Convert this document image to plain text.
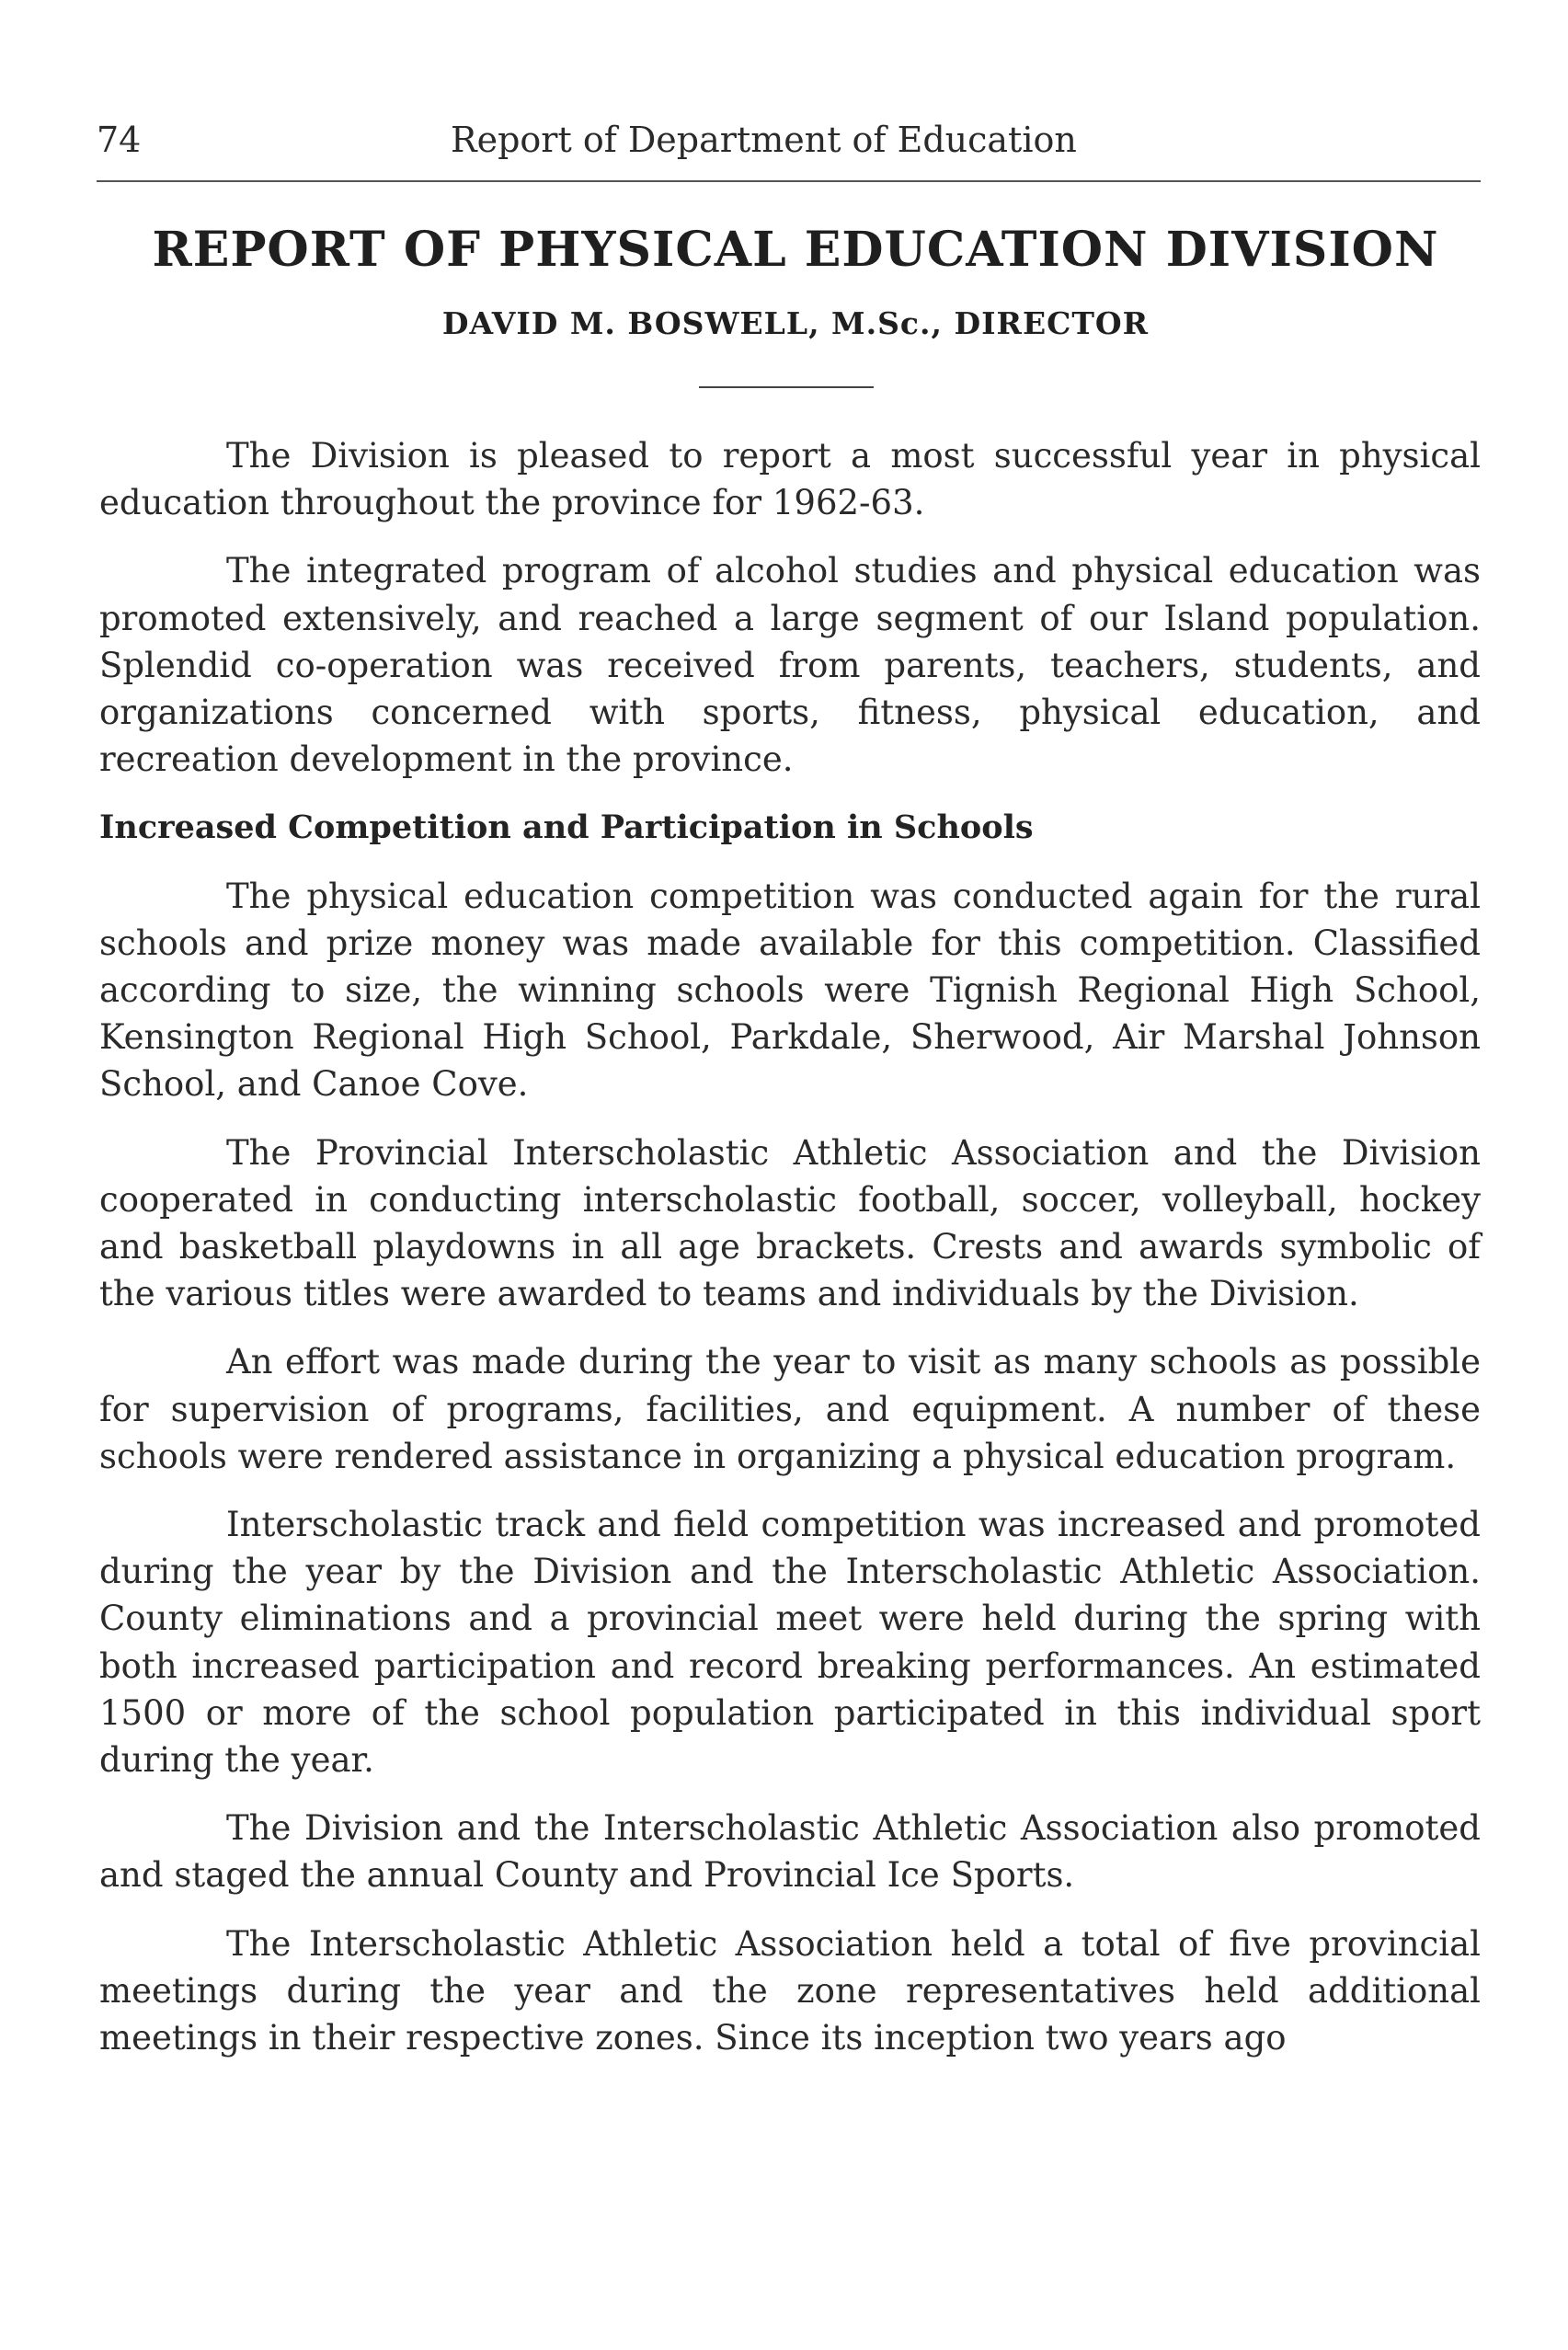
74	Report of Department of Education
REPORT OF PHYSICAL EDUCATION DIVISION
DAVID M. BOSWELL, M.Sc., DIRECTOR

The Division is pleased to report a most successful year in physical education throughout the province for 1962-63.

The integrated program of alcohol studies and physical education was promoted extensively, and reached a large segment of our Island population. Splendid co-operation was received from parents, teachers, students, and organizations concerned with sports, fitness, physical education, and recreation development in the province.

Increased Competition and Participation in Schools

The physical education competition was conducted again for the rural schools and prize money was made available for this competition. Classified according to size, the winning schools were Tignish Regional High School, Kensington Regional High School, Parkdale, Sherwood, Air Marshal Johnson School, and Canoe Cove.

The Provincial Interscholastic Athletic Association and the Division cooperated in conducting interscholastic football, soccer, volleyball, hockey and basketball playdowns in all age brackets. Crests and awards symbolic of the various titles were awarded to teams and individuals by the Division.

An effort was made during the year to visit as many schools as possible for supervision of programs, facilities, and equipment. A number of these schools were rendered assistance in organizing a physical education program.

Interscholastic track and field competition was increased and promoted during the year by the Division and the Interscholastic Athletic Association. County eliminations and a provincial meet were held during the spring with both increased participation and record breaking performances. An estimated 1500 or more of the school population participated in this individual sport during the year.

The Division and the Interscholastic Athletic Association also promoted and staged the annual County and Provincial Ice Sports.

The Interscholastic Athletic Association held a total of five provincial meetings during the year and the zone representatives held additional meetings in their respective zones. Since its inception two years ago
